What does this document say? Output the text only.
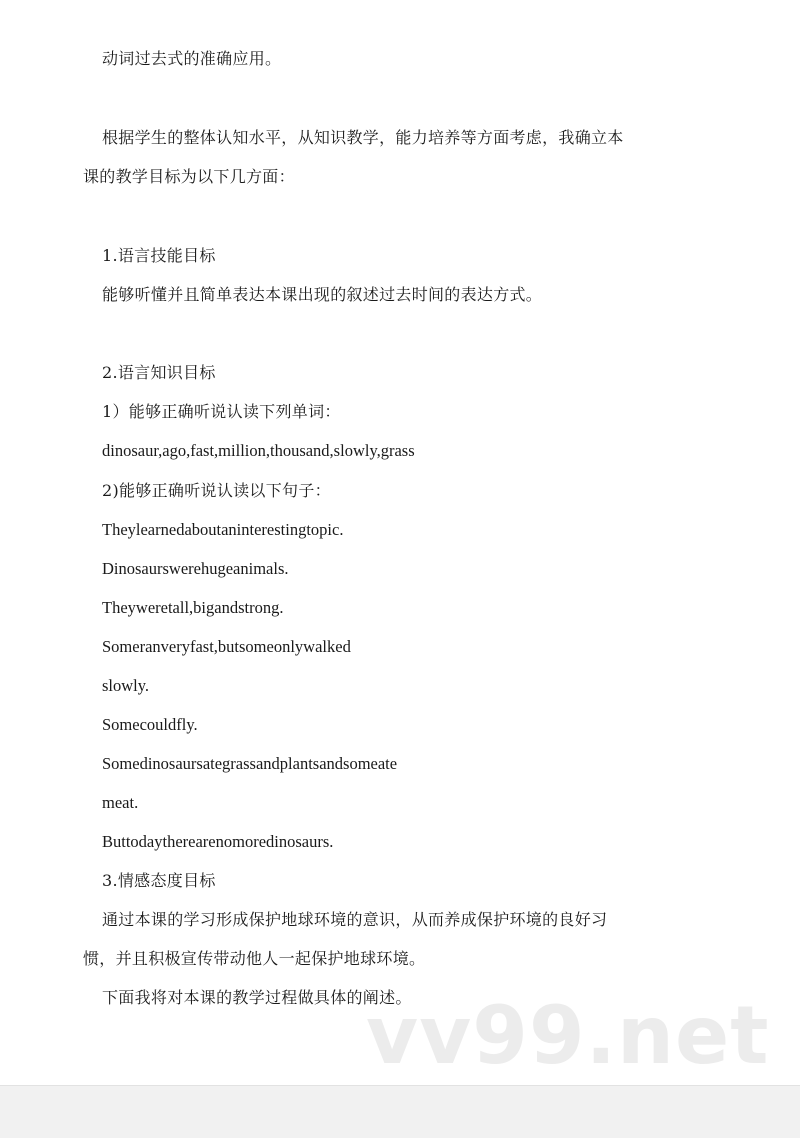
动词过去式的准确应用。
根据学生的整体认知水平，从知识教学，能力培养等方面考虑，我确立本
课的教学目标为以下几方面：
1.语言技能目标
能够听懂并且简单表达本课出现的叙述过去时间的表达方式。
2.语言知识目标
1）能够正确听说认读下列单词：
dinosaur,ago,fast,million,thousand,slowly,grass
2)能够正确听说认读以下句子：
Theylearnedaboutaninterestingtopic.
Dinosaurswerehugeanimals.
Theyweretall,bigandstrong.
Someranveryfast,butsomeonlywalked
slowly.
Somecouldfly.
Somedinosaursategrassandplantsandsomeate
meat.
Buttodaytherearenomoredinosaurs.
3.情感态度目标
通过本课的学习形成保护地球环境的意识，从而养成保护环境的良好习
惯，并且积极宣传带动他人一起保护地球环境。
下面我将对本课的教学过程做具体的阐述。
vv99.net
